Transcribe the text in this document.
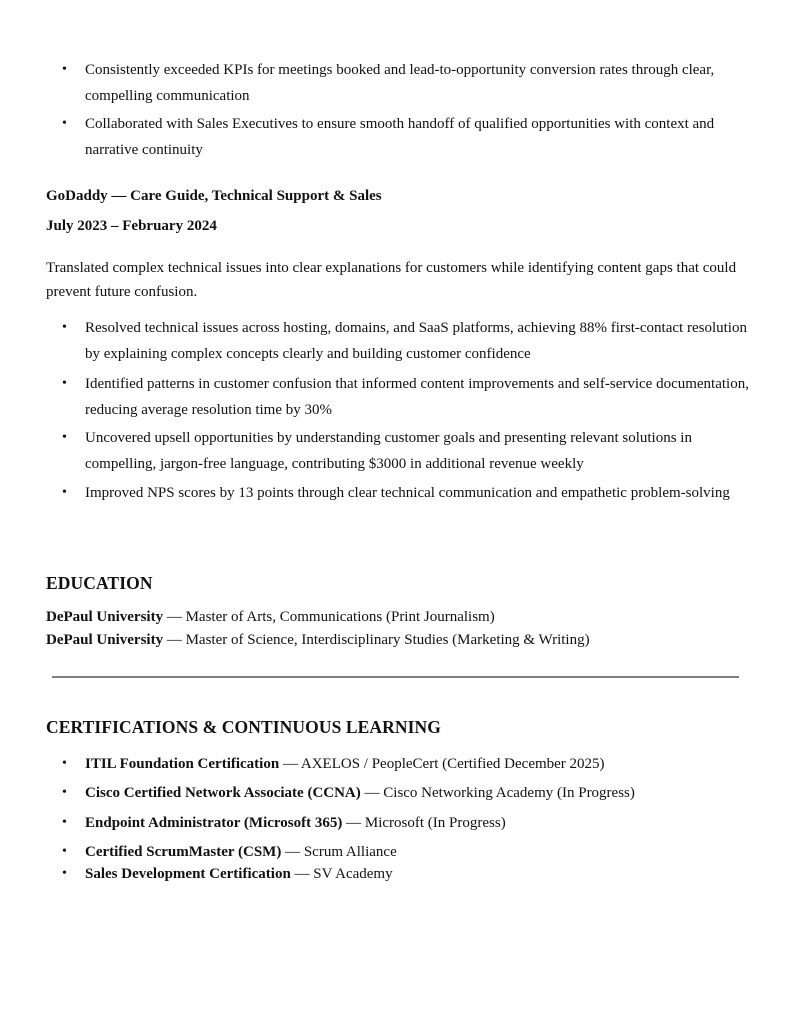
• Consistently exceeded KPIs for meetings booked and lead-to-opportunity conversion rates through clear, compelling communication
• Collaborated with Sales Executives to ensure smooth handoff of qualified opportunities with context and narrative continuity
GoDaddy — Care Guide, Technical Support & Sales
July 2023 – February 2024
Translated complex technical issues into clear explanations for customers while identifying content gaps that could prevent future confusion.
• Resolved technical issues across hosting, domains, and SaaS platforms, achieving 88% first-contact resolution by explaining complex concepts clearly and building customer confidence
• Identified patterns in customer confusion that informed content improvements and self-service documentation, reducing average resolution time by 30%
• Uncovered upsell opportunities by understanding customer goals and presenting relevant solutions in compelling, jargon-free language, contributing $3000 in additional revenue weekly
• Improved NPS scores by 13 points through clear technical communication and empathetic problem-solving
EDUCATION
DePaul University — Master of Arts, Communications (Print Journalism)
DePaul University — Master of Science, Interdisciplinary Studies (Marketing & Writing)
CERTIFICATIONS & CONTINUOUS LEARNING
• ITIL Foundation Certification — AXELOS / PeopleCert (Certified December 2025)
• Cisco Certified Network Associate (CCNA) — Cisco Networking Academy (In Progress)
• Endpoint Administrator (Microsoft 365) — Microsoft (In Progress)
• Certified ScrumMaster (CSM) — Scrum Alliance
• Sales Development Certification — SV Academy
